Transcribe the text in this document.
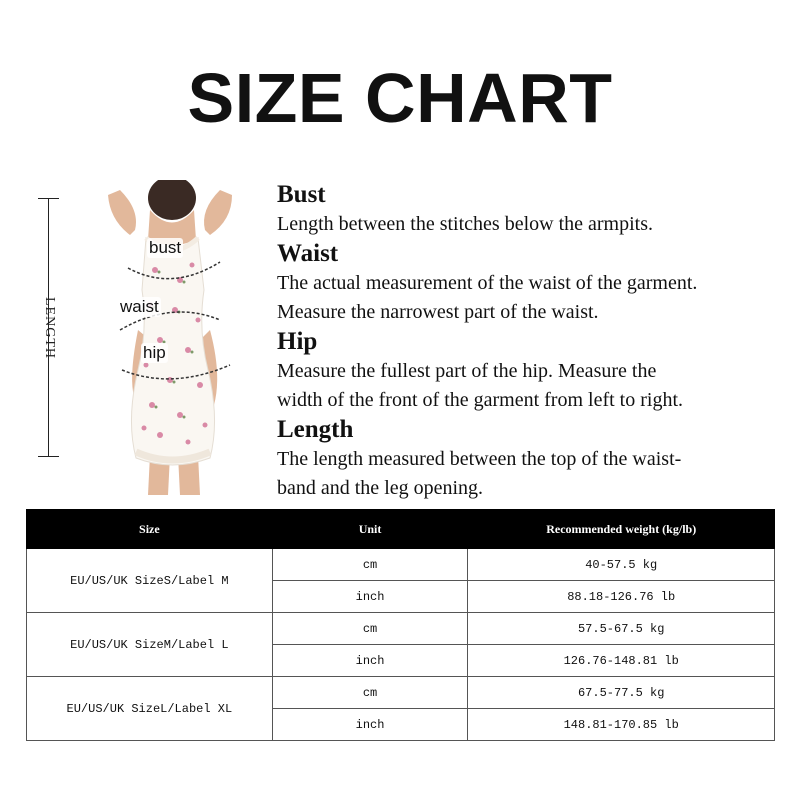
SIZE CHART
LENGTH
bust
waist
hip
Bust

Length between the stitches below the armpits.

Waist

The actual measurement of the waist of the garment.

Measure the narrowest part of the waist.

Hip

Measure the fullest part of the hip. Measure the

width of the front of the garment from left to right.

Length

The length measured between the top of the waist-

band and the leg opening.

Size	Unit	Recommended weight (kg/lb)
EU/US/UK SizeS/Label M	cm	40-57.5 kg
	inch	88.18-126.76 lb
EU/US/UK SizeM/Label L	cm	57.5-67.5 kg
	inch	126.76-148.81 lb
EU/US/UK SizeL/Label XL	cm	67.5-77.5 kg
	inch	148.81-170.85 lb
